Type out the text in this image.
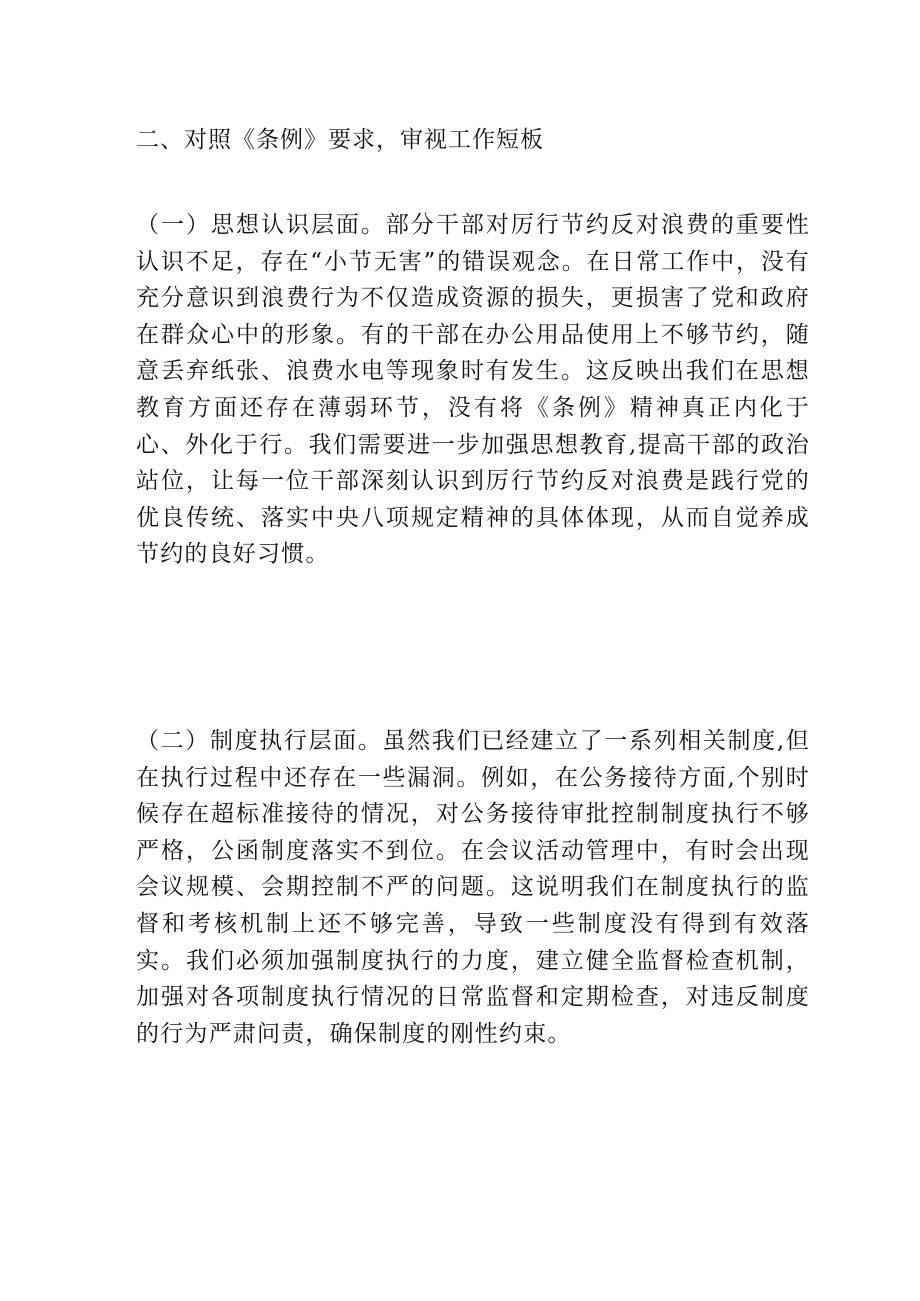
二、对照《条例》要求，审视工作短板

（一）思想认识层面。部分干部对厉行节约反对浪费的重要性认识不足，存在“小节无害”的错误观念。在日常工作中，没有充分意识到浪费行为不仅造成资源的损失，更损害了党和政府在群众心中的形象。有的干部在办公用品使用上不够节约，随意丢弃纸张、浪费水电等现象时有发生。这反映出我们在思想教育方面还存在薄弱环节，没有将《条例》精神真正内化于心、外化于行。我们需要进一步加强思想教育,提高干部的政治站位，让每一位干部深刻认识到厉行节约反对浪费是践行党的优良传统、落实中央八项规定精神的具体体现，从而自觉养成节约的良好习惯。

（二）制度执行层面。虽然我们已经建立了一系列相关制度,但在执行过程中还存在一些漏洞。例如，在公务接待方面,个别时候存在超标准接待的情况，对公务接待审批控制制度执行不够严格，公函制度落实不到位。在会议活动管理中，有时会出现会议规模、会期控制不严的问题。这说明我们在制度执行的监督和考核机制上还不够完善，导致一些制度没有得到有效落实。我们必须加强制度执行的力度，建立健全监督检查机制，加强对各项制度执行情况的日常监督和定期检查，对违反制度的行为严肃问责，确保制度的刚性约束。
